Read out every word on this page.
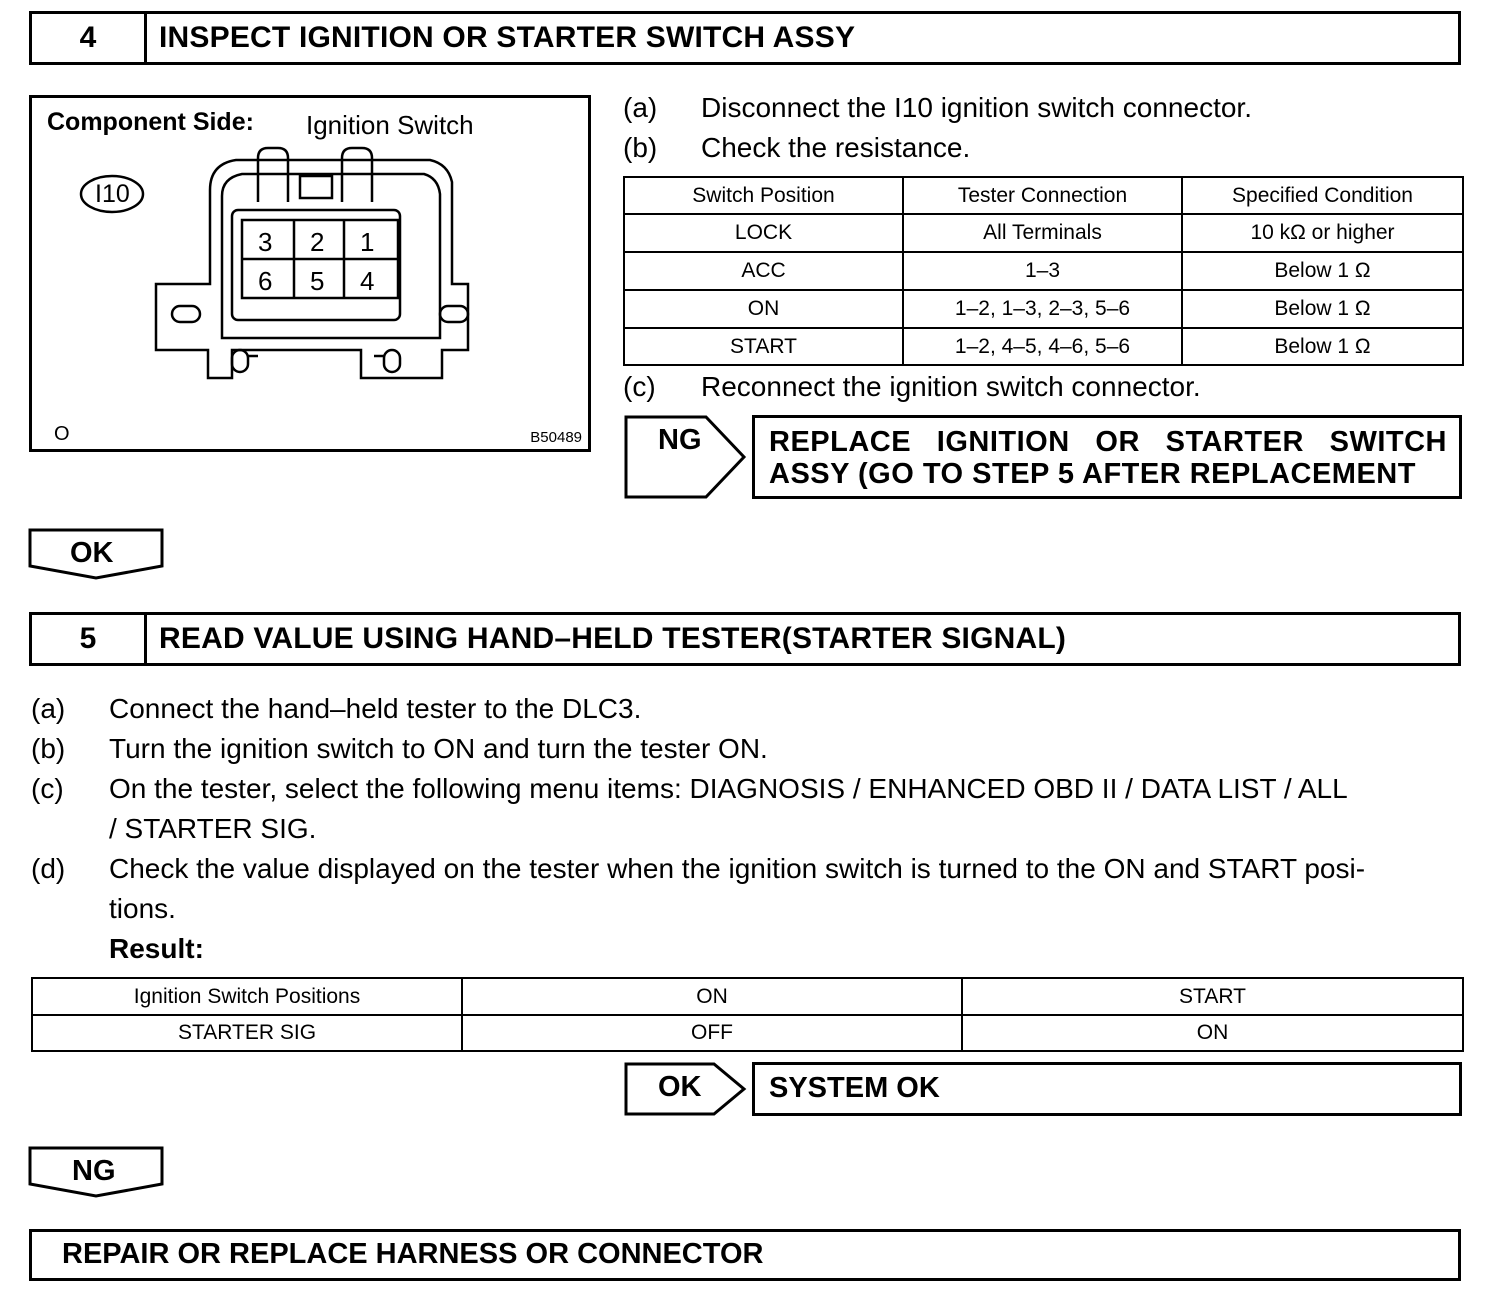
4	INSPECT IGNITION OR STARTER SWITCH ASSY
Component Side: Ignition Switch
I10
3 2 1
6 5 4
O	B50489
(a) Disconnect the I10 ignition switch connector.
(b) Check the resistance.
Switch Position	Tester Connection	Specified Condition
LOCK	All Terminals	10 kΩ or higher
ACC	1–3	Below 1 Ω
ON	1–2, 1–3, 2–3, 5–6	Below 1 Ω
START	1–2, 4–5, 4–6, 5–6	Below 1 Ω
(c) Reconnect the ignition switch connector.
NG REPLACE IGNITION OR STARTER SWITCH
ASSY (GO TO STEP 5 AFTER REPLACEMENT
OK
5	READ VALUE USING HAND–HELD TESTER(STARTER SIGNAL)
(a) Connect the hand–held tester to the DLC3.
(b) Turn the ignition switch to ON and turn the tester ON.
(c) On the tester, select the following menu items: DIAGNOSIS / ENHANCED OBD II / DATA LIST / ALL
/ STARTER SIG.
(d) Check the value displayed on the tester when the ignition switch is turned to the ON and START posi-
tions.
Result:
Ignition Switch Positions	ON	START
STARTER SIG	OFF	ON
OK	SYSTEM OK
NG
REPAIR OR REPLACE HARNESS OR CONNECTOR
